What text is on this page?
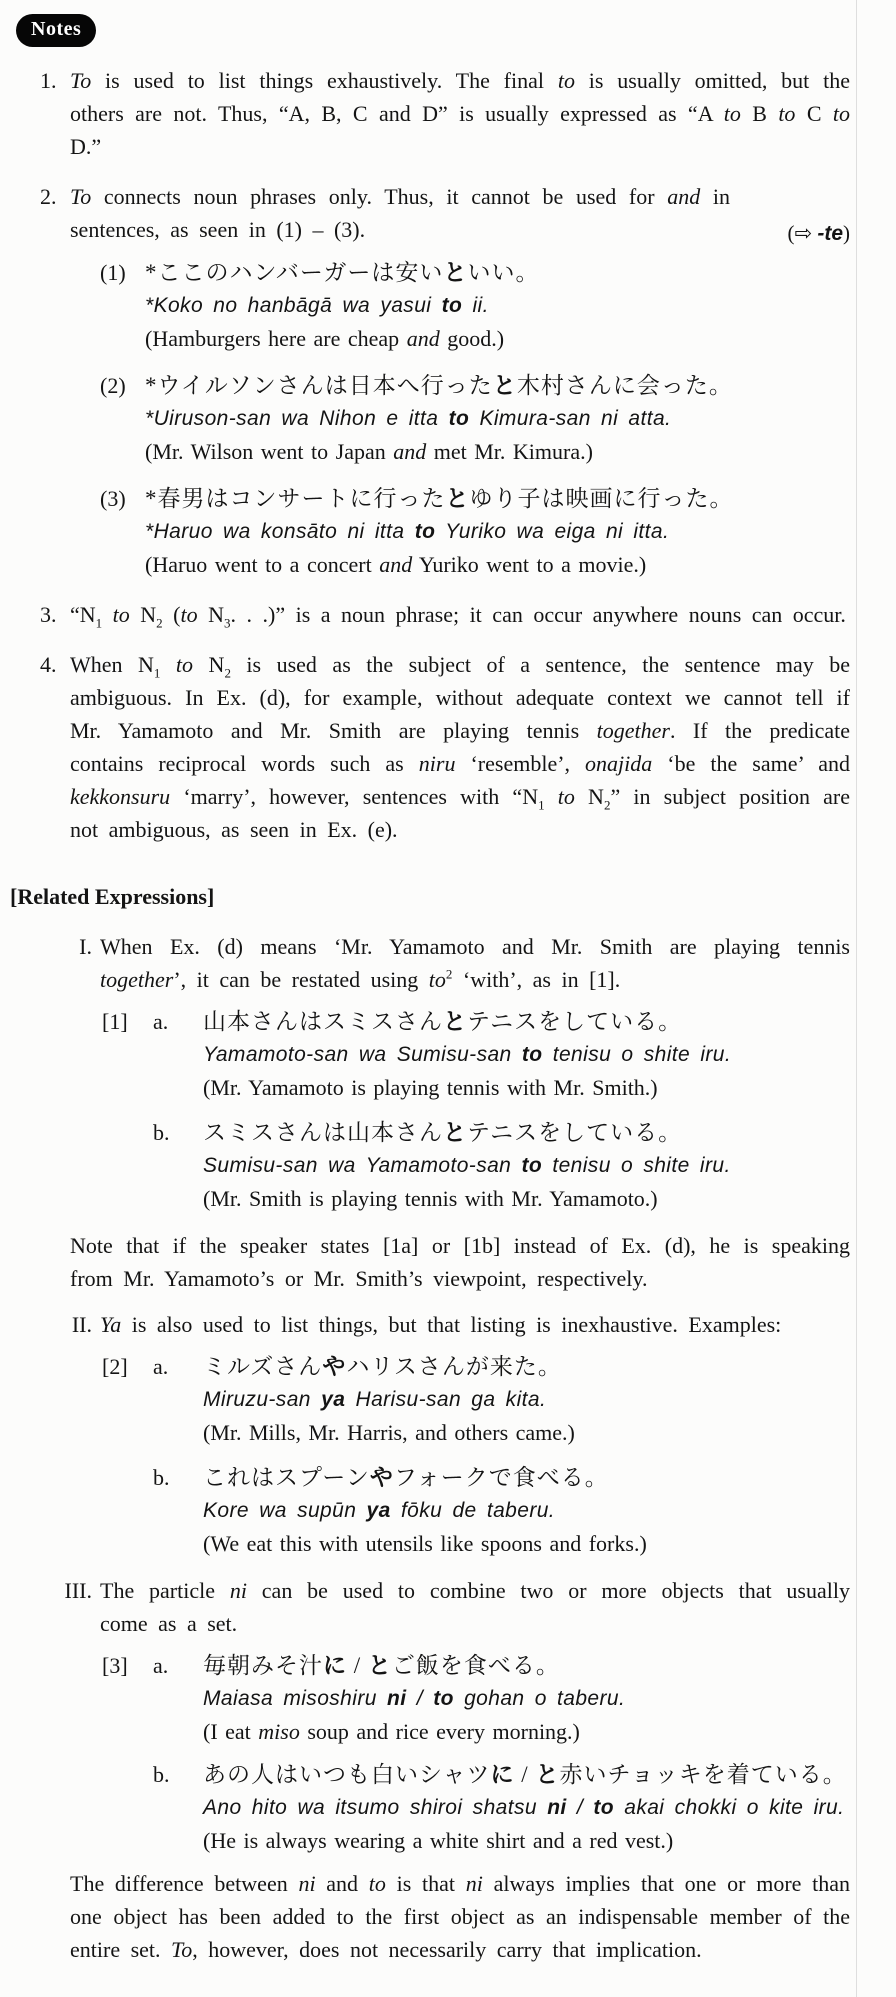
Notes
1. To is used to list things exhaustively. The final to is usually omitted, but the others are not. Thus, “A, B, C and D” is usually expressed as “A to B to C to D.”

2. To connects noun phrases only. Thus, it cannot be used for and in sentences, as seen in (1) – (3).	(⇨ -te)
(1) *ここのハンバーガーは安いといい。
*Koko no hanbāgā wa yasui to ii.
(Hamburgers here are cheap and good.)
(2) *ウイルソンさんは日本へ行ったと木村さんに会った。
*Uiruson-san wa Nihon e itta to Kimura-san ni atta.
(Mr. Wilson went to Japan and met Mr. Kimura.)
(3) *春男はコンサートに行ったとゆり子は映画に行った。
*Haruo wa konsāto ni itta to Yuriko wa eiga ni itta.
(Haruo went to a concert and Yuriko went to a movie.)
3. “$N_1$ to $N_2$ (to $N_3$. . .)” is a noun phrase; it can occur anywhere nouns can occur.

4. When $N_1$ to $N_2$ is used as the subject of a sentence, the sentence may be ambiguous. In Ex. (d), for example, without adequate context we cannot tell if Mr. Yamamoto and Mr. Smith are playing tennis together. If the predicate contains reciprocal words such as niru ‘resemble’, onajida ‘be the same’ and kekkonsuru ‘marry’, however, sentences with “$N_1$ to $N_2$” in subject position are not ambiguous, as seen in Ex. (e).

[Related Expressions]
I. When Ex. (d) means ‘Mr. Yamamoto and Mr. Smith are playing tennis together’, it can be restated using $to^2$ ‘with’, as in [1].

[1]	a.	山本さんはスミスさんとテニスをしている。
Yamamoto-san wa Sumisu-san to tenisu o shite iru.
(Mr. Yamamoto is playing tennis with Mr. Smith.)
b.	スミスさんは山本さんとテニスをしている。
Sumisu-san wa Yamamoto-san to tenisu o shite iru.
(Mr. Smith is playing tennis with Mr. Yamamoto.)

Note that if the speaker states [1a] or [1b] instead of Ex. (d), he is speaking from Mr. Yamamoto’s or Mr. Smith’s viewpoint, respectively.

II. Ya is also used to list things, but that listing is inexhaustive. Examples:

[2]	a.	ミルズさんやハリスさんが来た。
Miruzu-san ya Harisu-san ga kita.
(Mr. Mills, Mr. Harris, and others came.)
b.	これはスプーンやフォークで食べる。
Kore wa supūn ya fōku de taberu.
(We eat this with utensils like spoons and forks.)
III. The particle ni can be used to combine two or more objects that usually come as a set.

[3]	a.	毎朝みそ汁に / とご飯を食べる。
Maiasa misoshiru ni / to gohan o taberu.
(I eat miso soup and rice every morning.)
b.	あの人はいつも白いシャツに / と赤いチョッキを着ている。
Ano hito wa itsumo shiroi shatsu ni / to akai chokki o kite iru.
(He is always wearing a white shirt and a red vest.)

The difference between ni and to is that ni always implies that one or more than one object has been added to the first object as an indispensable member of the entire set. To, however, does not necessarily carry that implication.
